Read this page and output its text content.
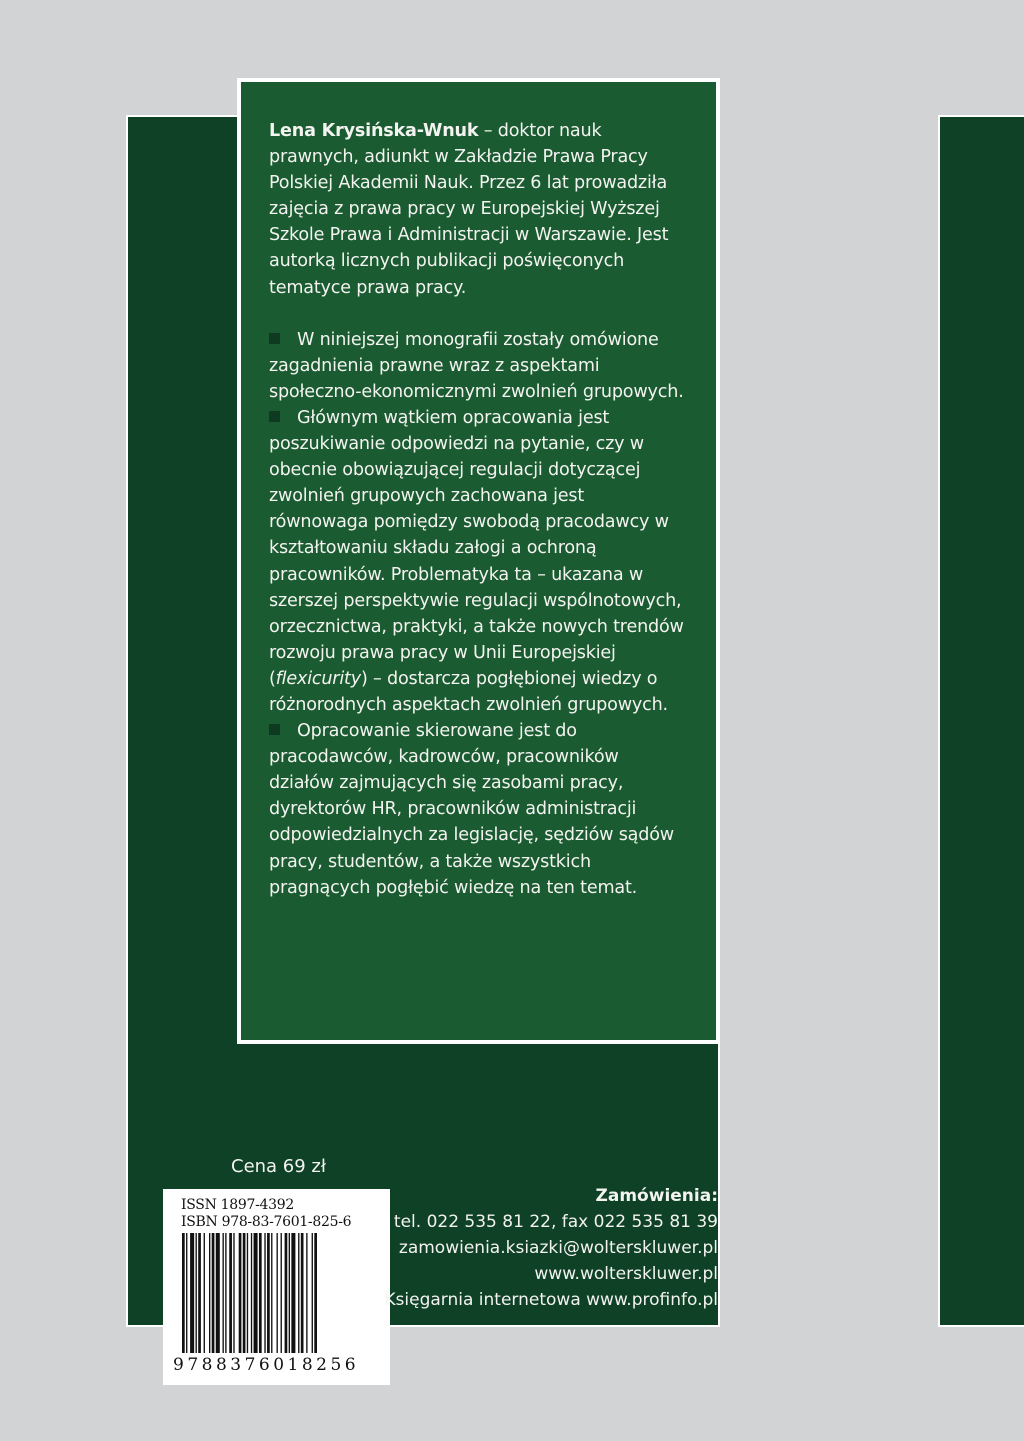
Lena Krysińska-Wnuk – doktor nauk prawnych, adiunkt w Zakładzie Prawa Pracy Polskiej Akademii Nauk. Przez 6 lat prowadziła zajęcia z prawa pracy w Europejskiej Wyższej Szkole Prawa i Administracji w Warszawie. Jest autorką licznych publikacji poświęconych tematyce prawa pracy.

W niniejszej monografii zostały omówione zagadnienia prawne wraz z aspektami społeczno-ekonomicznymi zwolnień grupowych.

Głównym wątkiem opracowania jest poszukiwanie odpowiedzi na pytanie, czy w obecnie obowiązującej regulacji dotyczącej zwolnień grupowych zachowana jest równowaga pomiędzy swobodą pracodawcy w kształtowaniu składu załogi a ochroną pracowników. Problematyka ta – ukazana w szerszej perspektywie regulacji wspólnotowych, orzecznictwa, praktyki, a także nowych trendów rozwoju prawa pracy w Unii Europejskiej (flexicurity) – dostarcza pogłębionej wiedzy o różnorodnych aspektach zwolnień grupowych.

Opracowanie skierowane jest do pracodawców, kadrowców, pracowników działów zajmujących się zasobami pracy, dyrektorów HR, pracowników administracji odpowiedzialnych za legislację, sędziów sądów pracy, studentów, a także wszystkich pragnących pogłębić wiedzę na ten temat.

Cena 69 zł
ISSN 1897-4392
ISBN 978-83-7601-825-6
9788376018256
Zamówienia:
tel. 022 535 81 22, fax 022 535 81 39
zamowienia.ksiazki@wolterskluwer.pl
www.wolterskluwer.pl
Księgarnia internetowa www.profinfo.pl
